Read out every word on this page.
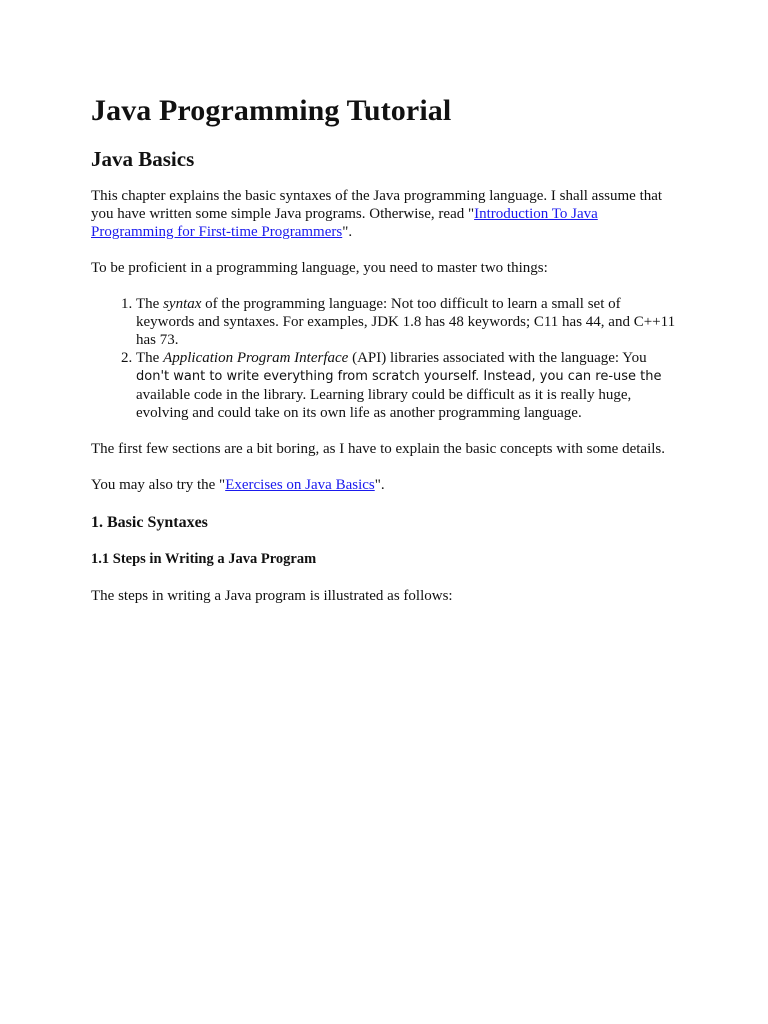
Java Programming Tutorial
Java Basics

This chapter explains the basic syntaxes of the Java programming language. I shall assume that you have written some simple Java programs. Otherwise, read "Introduction To Java Programming for First-time Programmers".

To be proficient in a programming language, you need to master two things:

1. The syntax of the programming language: Not too difficult to learn a small set of keywords and syntaxes. For examples, JDK 1.8 has 48 keywords; C11 has 44, and C++11 has 73.
2. The Application Program Interface (API) libraries associated with the language: You don't want to write everything from scratch yourself. Instead, you can re-use the available code in the library. Learning library could be difficult as it is really huge, evolving and could take on its own life as another programming language.

The first few sections are a bit boring, as I have to explain the basic concepts with some details.

You may also try the "Exercises on Java Basics".

1. Basic Syntaxes
1.1 Steps in Writing a Java Program

The steps in writing a Java program is illustrated as follows:
